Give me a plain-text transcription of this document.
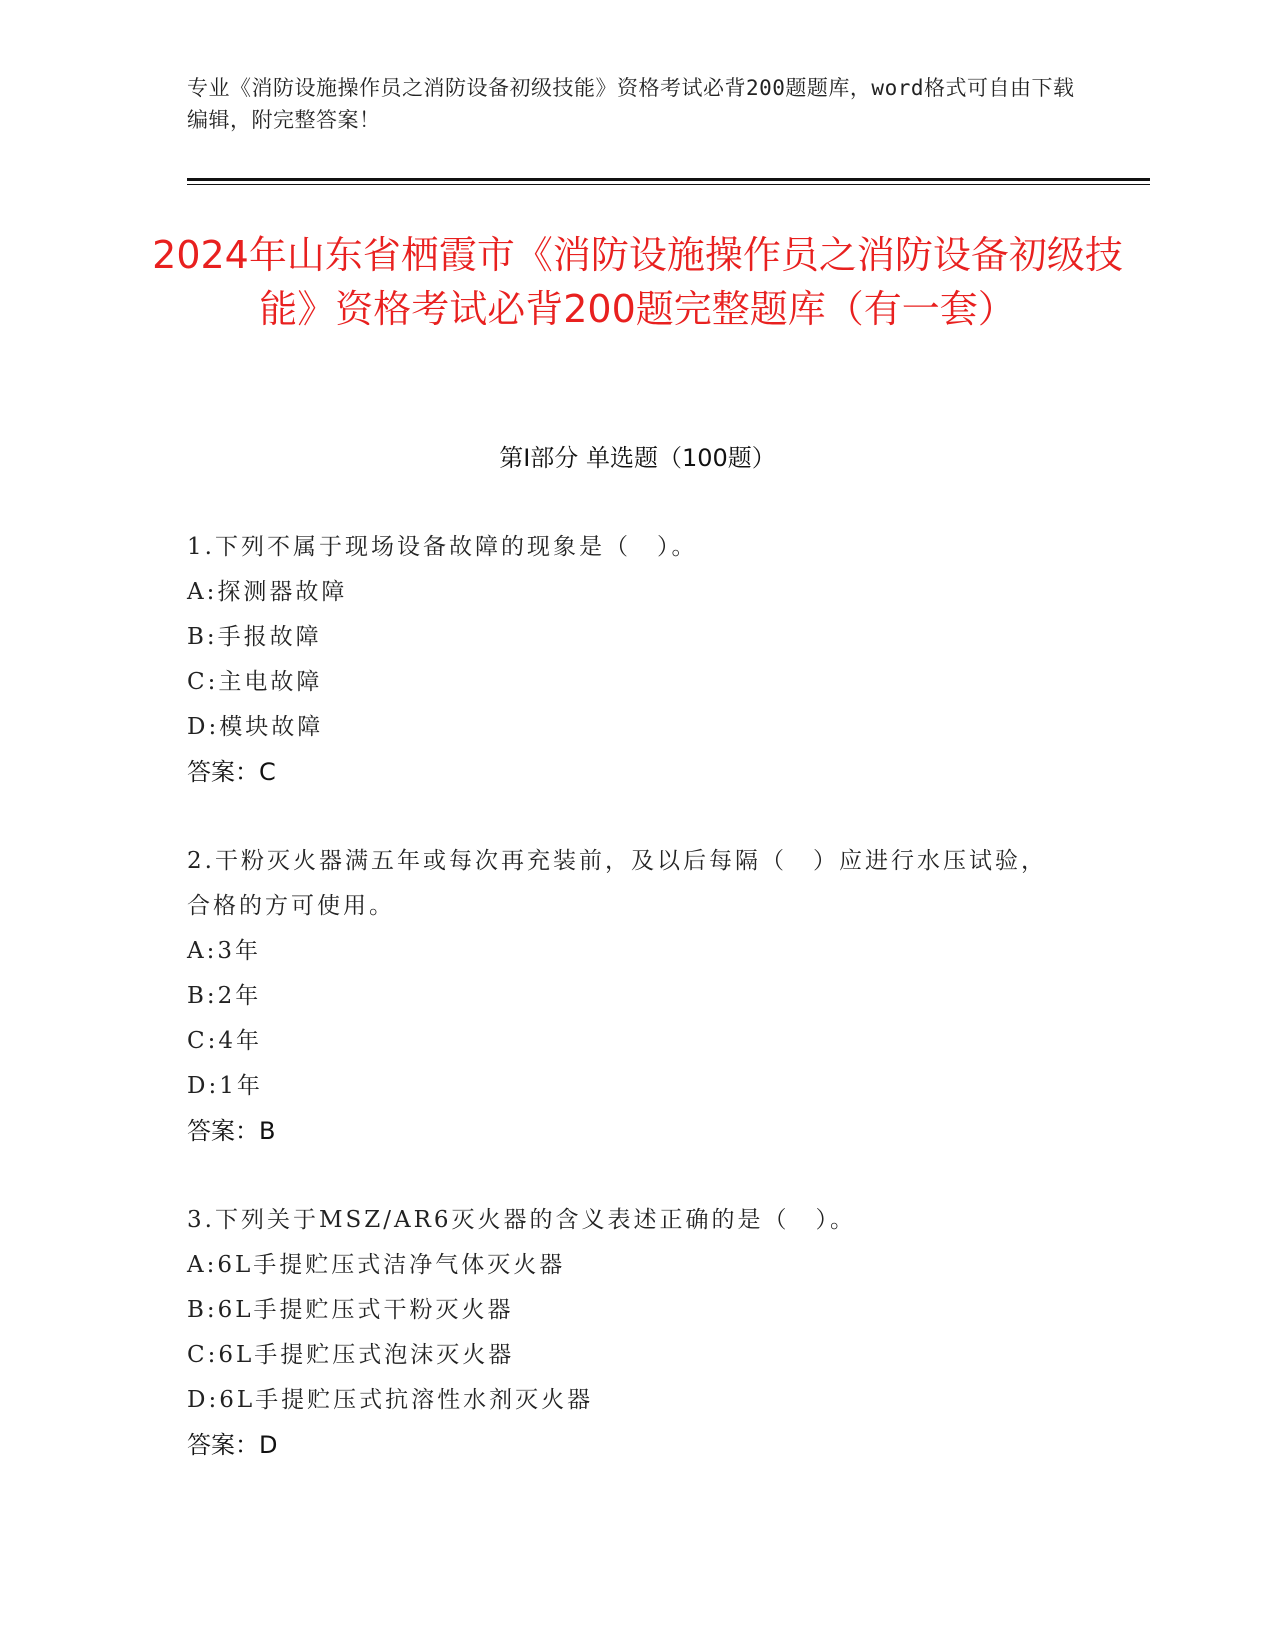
专业《消防设施操作员之消防设备初级技能》资格考试必背200题题库，word格式可自由下载编辑，附完整答案！
2024年山东省栖霞市《消防设施操作员之消防设备初级技能》资格考试必背200题完整题库（有一套）
第I部分 单选题（100题）
1.下列不属于现场设备故障的现象是（　）。
A:探测器故障
B:手报故障
C:主电故障
D:模块故障
答案：C
2.干粉灭火器满五年或每次再充装前，及以后每隔（　）应进行水压试验，合格的方可使用。
A:3年
B:2年
C:4年
D:1年
答案：B
3.下列关于MSZ/AR6灭火器的含义表述正确的是（　）。
A:6L手提贮压式洁净气体灭火器
B:6L手提贮压式干粉灭火器
C:6L手提贮压式泡沫灭火器
D:6L手提贮压式抗溶性水剂灭火器
答案：D
